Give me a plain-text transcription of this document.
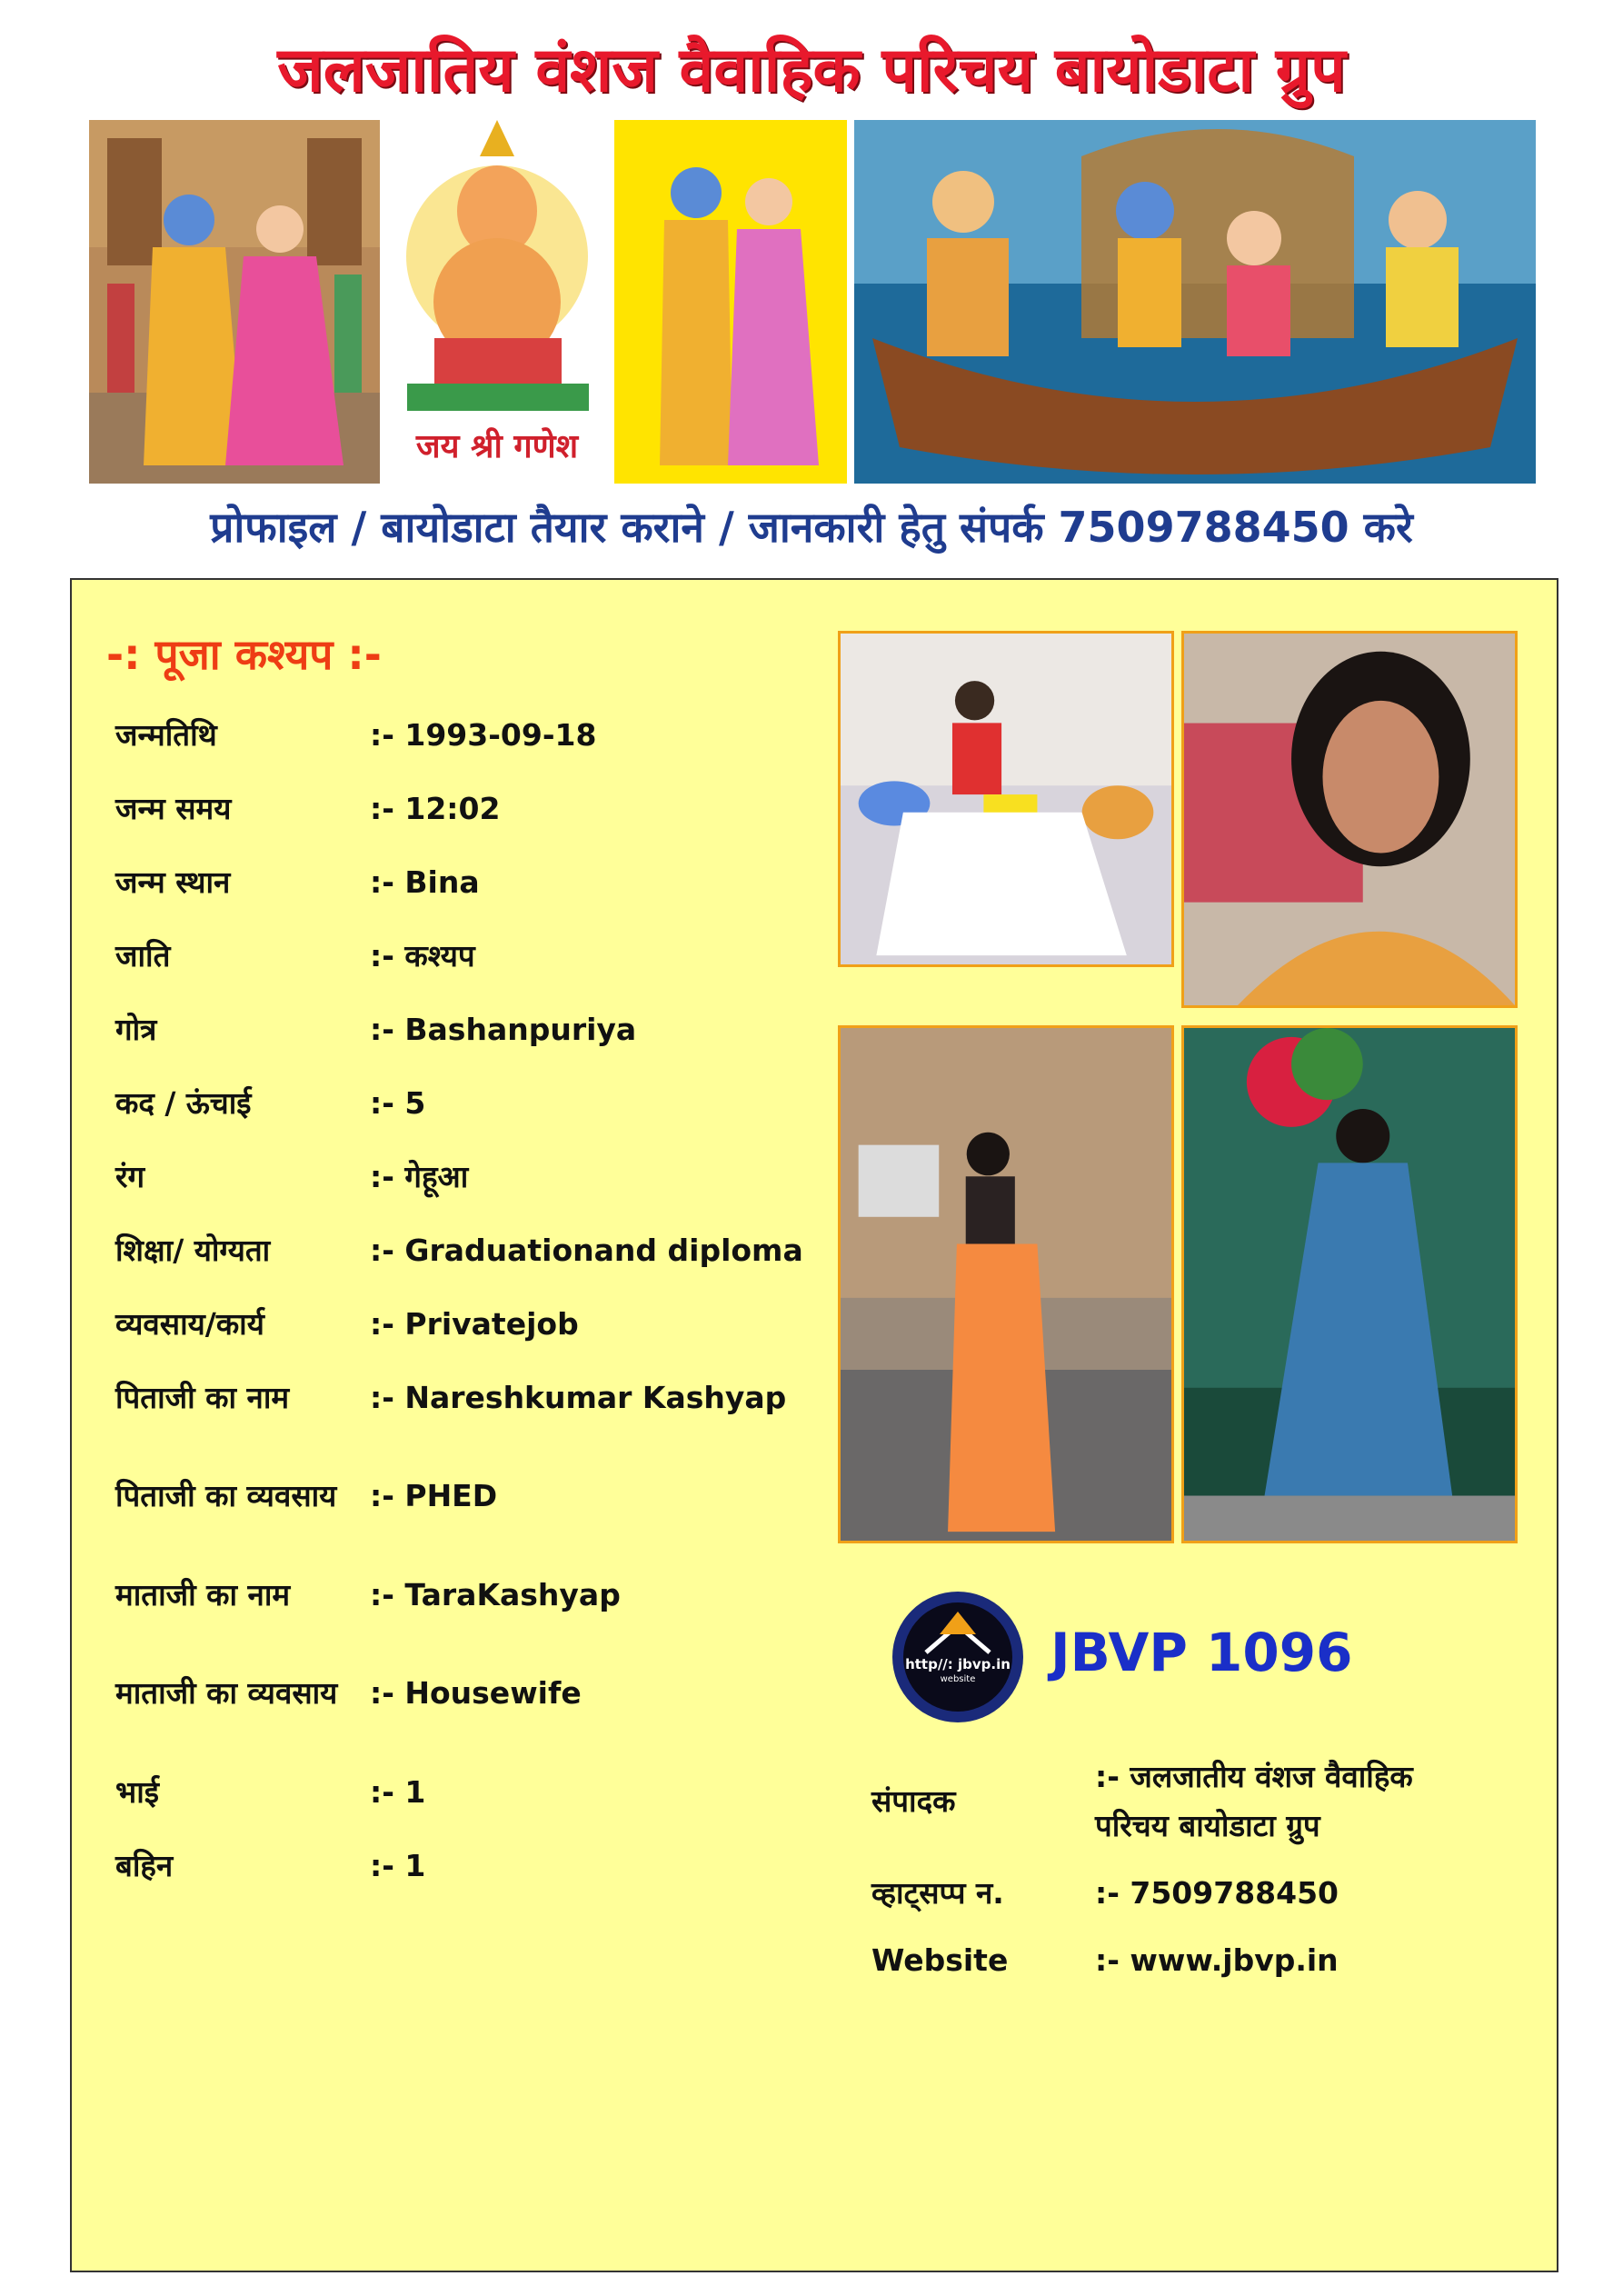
जलजातिय वंशज वैवाहिक परिचय बायोडाटा ग्रुप
जय श्री गणेश
प्रोफाइल / बायोडाटा तैयार कराने / जानकारी हेतु संपर्क 7509788450 करे
-: पूजा कश्यप :-
जन्मतिथि	:- 1993-09-18
जन्म समय	:- 12:02
जन्म स्थान	:- Bina
जाति	:- कश्यप
गोत्र	:- Bashanpuriya
कद / ऊंचाई	:- 5
रंग	:- गेहूआ
शिक्षा/ योग्यता	:- Graduationand diploma
व्यवसाय/कार्य	:- Privatejob
पिताजी का नाम	:- Nareshkumar Kashyap
पिताजी का व्यवसाय :- PHED
माताजी का नाम	:- TaraKashyap
माताजी का व्यवसाय :- Housewife
भाई	:- 1
बहिन	:- 1
http//: jbvp.in
website	JBVP 1096
संपादक
:- जलजातीय वंशज वैवाहिक परिचय बायोडाटा ग्रुप
व्हाट्सप्प न.	:- 7509788450
Website	:- www.jbvp.in
